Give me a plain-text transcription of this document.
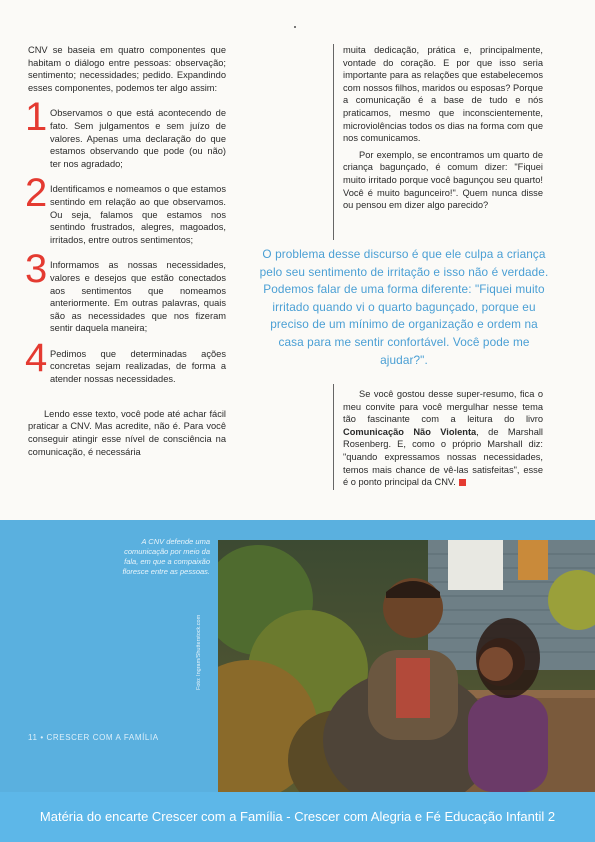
CNV se baseia em quatro componentes que habitam o diálogo entre pessoas: observação; sentimento; necessidades; pedido. Expandindo esses componentes, podemos ter algo assim:

1 Observamos o que está acontecendo de fato. Sem julgamentos e sem juízo de valores. Apenas uma declaração do que estamos observando que pode (ou não) ter nos agradado;

2 Identificamos e nomeamos o que estamos sentindo em relação ao que observamos. Ou seja, falamos que estamos nos sentindo frustrados, alegres, magoados, irritados, entre outros sentimentos;

3 Informamos as nossas necessidades, valores e desejos que estão conectados aos sentimentos que nomeamos anteriormente. Em outras palavras, quais são as necessidades que nos fizeram sentir daquela maneira;

4 Pedimos que determinadas ações concretas sejam realizadas, de forma a atender nossas necessidades.

Lendo esse texto, você pode até achar fácil praticar a CNV. Mas acredite, não é. Para você conseguir atingir esse nível de consciência na comunicação, é necessária

muita dedicação, prática e, principalmente, vontade do coração. E por que isso seria importante para as relações que estabelecemos com nossos filhos, maridos ou esposas? Porque a comunicação é a base de tudo e nós praticamos, mesmo que inconscientemente, microviolências todos os dias na forma com que nos comunicamos.

Por exemplo, se encontramos um quarto de criança bagunçado, é comum dizer: "Fiquei muito irritado porque você bagunçou seu quarto! Você é muito bagunceiro!". Quem nunca disse ou pensou em dizer algo parecido?

O problema desse discurso é que ele culpa a criança pelo seu sentimento de irritação e isso não é verdade. Podemos falar de uma forma diferente: "Fiquei muito irritado quando vi o quarto bagunçado, porque eu preciso de um mínimo de organização e ordem na casa para me sentir confortável. Você pode me ajudar?".

Se você gostou desse super-resumo, fica o meu convite para você mergulhar nesse tema tão fascinante com a leitura do livro Comunicação Não Violenta, de Marshall Rosenberg. E, como o próprio Marshall diz: "quando expressamos nossas necessidades, temos mais chance de vê-las satisfeitas", esse é o ponto principal da CNV.

A CNV defende uma comunicação por meio da fala, em que a compaixão floresce entre as pessoas.
Foto: Ingram/Shutterstock.com
11 • CRESCER COM A FAMÍLIA
Matéria do encarte Crescer com a Família - Crescer com Alegria e Fé Educação Infantil 2
